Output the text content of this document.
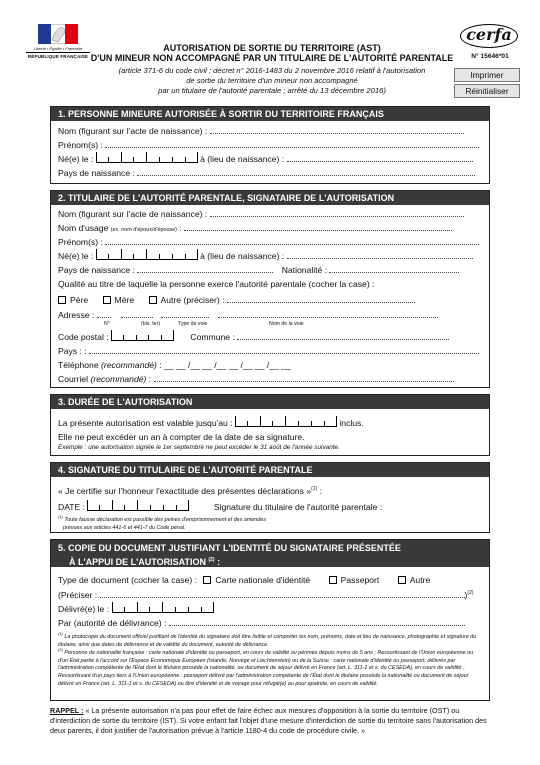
Liberté • Égalité • Fraternité
RÉPUBLIQUE FRANÇAISE
AUTORISATION DE SORTIE DU TERRITOIRE (AST)
D'UN MINEUR NON ACCOMPAGNÉ PAR UN TITULAIRE DE L'AUTORITÉ PARENTALE
(article 371-6 du code civil ; décret n° 2016-1483 du 2 novembre 2016 relatif à l'autorisation
de sortie du territoire d'un mineur non accompagné
par un titulaire de l'autorité parentale ; arrêté du 13 décembre 2016)
cerfa
N° 15646*01
Imprimer
Réinitialiser
1. PERSONNE MINEURE AUTORISÉE À SORTIR DU TERRITOIRE FRANÇAIS
Nom (figurant sur l'acte de naissance) :
Prénom(s) :
Né(e) le :	à (lieu de naissance) :
Pays de naissance :
2. TITULAIRE DE L'AUTORITÉ PARENTALE, SIGNATAIRE DE L'AUTORISATION
Nom (figurant sur l'acte de naissance) :
Nom d'usage (ex. nom d'époux/d'épouse) :
Prénom(s) :
Né(e) le :	à (lieu de naissance) :
Pays de naissance :	Nationalité :
Qualité au titre de laquelle la personne exerce l'autorité parentale (cocher la case) :
Père	Mère	Autre (préciser) :
Adresse :
N°	(bis, ter)	Type de voie	Nom de la voie
Code postal :	Commune :
Pays : :
Téléphone (recommandé) : __ __ /__ __ /__ __ /__ __ /__ __
Courriel (recommandé) :
3. DURÉE DE L'AUTORISATION
La présente autorisation est valable jusqu'au :	inclus.
Elle ne peut excéder un an à compter de la date de sa signature.
Exemple : une autorisation signée le 1er septembre ne peut excéder le 31 août de l'année suivante.
4. SIGNATURE DU TITULAIRE DE L'AUTORITÉ PARENTALE
« Je certifie sur l'honneur l'exactitude des présentes déclarations »$^{(1)}$ :
DATE :	Signature du titulaire de l'autorité parentale :
$^{(1)}$ Toute fausse déclaration est passible des peines d'emprisonnement et des amendes
prévues aux articles 441-6 et 441-7 du Code pénal.
5. COPIE DU DOCUMENT JUSTIFIANT L'IDENTITÉ DU SIGNATAIRE PRÉSENTÉE
À L'APPUI DE L'AUTORISATION $^{(2)}$ :
Type de document (cocher la case) : Carte nationale d'identité	Passeport	Autre
(Préciser :	)$^{(2)}$
Délivré(e) le :
Par (autorité de délivrance) :
$^{(1)}$ La photocopie du document officiel justifiant de l'identité du signataire doit être lisible et comporter les nom, prénoms, date et lieu de naissance, photographie et signature du titulaire, ainsi que dates de délivrance et de validité du document, autorité de délivrance.
$^{(2)}$ Personne de nationalité française : carte nationale d'identité ou passeport, en cours de validité ou périmés depuis moins de 5 ans ; Ressortissant de l'Union européenne ou d'un État partie à l'accord sur l'Espace Économique Européen (Islande, Norvège et Liechtenstein) ou de la Suisse : carte nationale d'identité ou passeport, délivrés par l'administration compétente de l'État dont le titulaire possède la nationalité, ou document de séjour délivré en France (art. L. 311-1 et s. du CESEDA), en cours de validité ; Ressortissant d'un pays tiers à l'Union européenne : passeport délivré par l'administration compétente de l'État dont le titulaire possède la nationalité ou document de séjour délivré en France (art. L. 311-1 et s. du CESEDA) ou titre d'identité et de voyage pour réfugié(e) ou pour apatride, en cours de validité.
RAPPEL : « La présente autorisation n'a pas pour effet de faire échec aux mesures d'opposition à la sortie du territoire (OST) ou d'interdiction de sortie du territoire (IST). Si votre enfant fait l'objet d'une mesure d'interdiction de sortie du territoire sans l'autorisation des deux parents, il doit justifier de l'autorisation prévue à l'article 1180-4 du code de procédure civile. »
